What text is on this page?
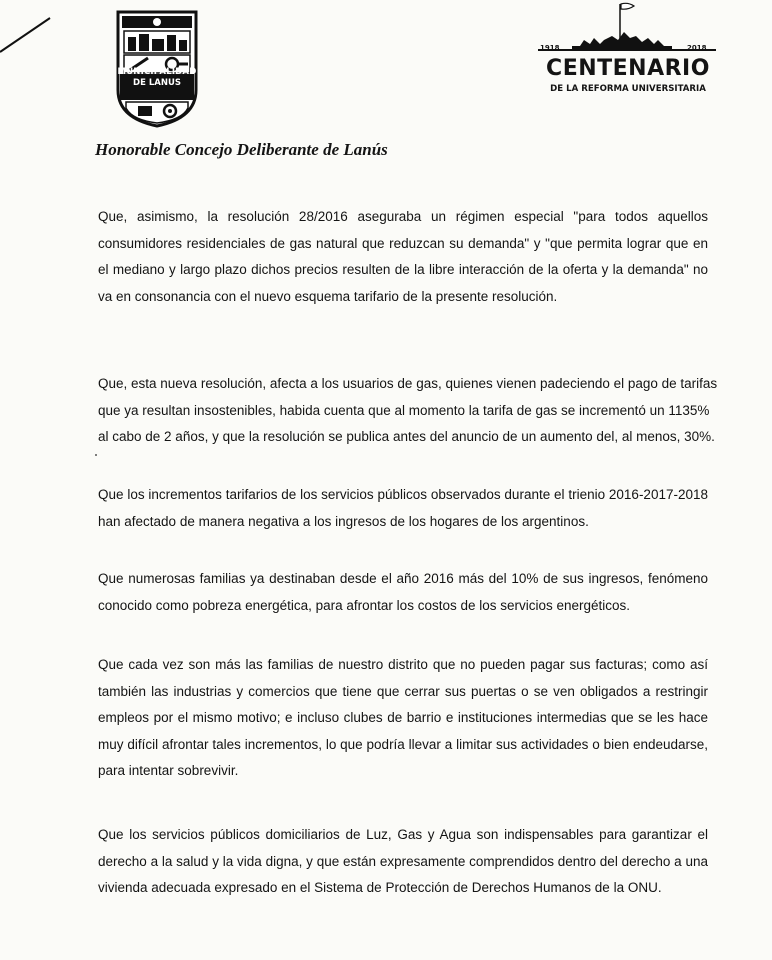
MUNICIPALIDAD
DE LANUS
1918	2018
CENTENARIO
DE LA REFORMA UNIVERSITARIA
Honorable Concejo Deliberante de Lanús
Que, asimismo, la resolución 28/2016 aseguraba un régimen especial "para todos aquellos
consumidores residenciales de gas natural que reduzcan su demanda" y "que permita lograr que en
el mediano y largo plazo dichos precios resulten de la libre interacción de la oferta y la demanda" no
va en consonancia con el nuevo esquema tarifario de la presente resolución.
Que, esta nueva resolución, afecta a los usuarios de gas, quienes vienen padeciendo el pago de tarifas
que ya resultan insostenibles, habida cuenta que al momento la tarifa de gas se incrementó un 1135%
al cabo de 2 años, y que la resolución se publica antes del anuncio de un aumento del, al menos, 30%.
Que los incrementos tarifarios de los servicios públicos observados durante el trienio 2016-2017-2018
han afectado de manera negativa a los ingresos de los hogares de los argentinos.
Que numerosas familias ya destinaban desde el año 2016 más del 10% de sus ingresos, fenómeno
conocido como pobreza energética, para afrontar los costos de los servicios energéticos.
Que cada vez son más las familias de nuestro distrito que no pueden pagar sus facturas; como así
también las industrias y comercios que tiene que cerrar sus puertas o se ven obligados a restringir
empleos por el mismo motivo; e incluso clubes de barrio e instituciones intermedias que se les hace
muy difícil afrontar tales incrementos, lo que podría llevar a limitar sus actividades o bien endeudarse,
para intentar sobrevivir.
Que los servicios públicos domiciliarios de Luz, Gas y Agua son indispensables para garantizar el
derecho a la salud y la vida digna, y que están expresamente comprendidos dentro del derecho a una
vivienda adecuada expresado en el Sistema de Protección de Derechos Humanos de la ONU.
